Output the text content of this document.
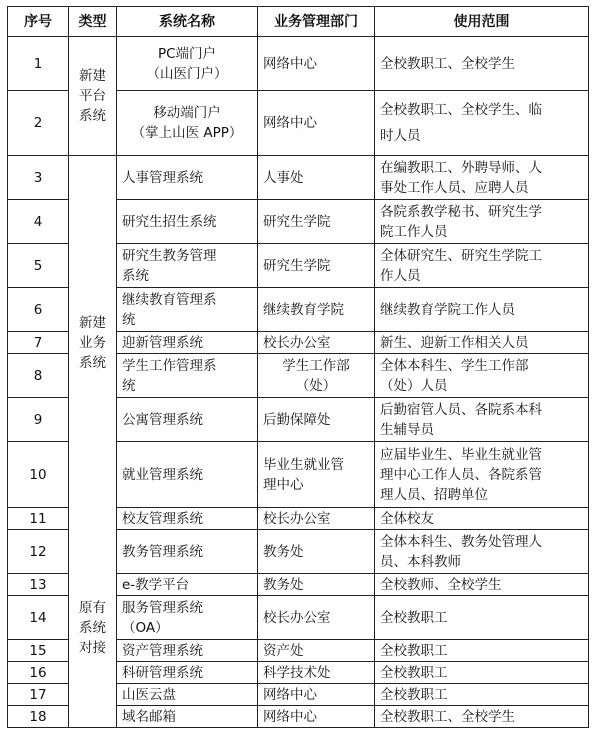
序号	类型	系统名称	业务管理部门	使用范围
1	新建
平台
系统	PC端门户
（山医门户）	网络中心	全校教职工、全校学生

2		移动端门户
（掌上山医 APP）	网络中心	全校教职工、全校学生、临
时人员

3	新建
业务
系统	人事管理系统	人事处	在编教职工、外聘导师、人
事处工作人员、应聘人员

4		研究生招生系统	研究生学院	各院系教学秘书、研究生学
院工作人员

5		研究生教务管理
系统	研究生学院	全体研究生、研究生学院工
作人员

6		继续教育管理系
统	继续教育学院	继续教育学院工作人员

7		迎新管理系统	校长办公室	新生、迎新工作相关人员

8		学生工作管理系
统	学生工作部
（处）	全体本科生、学生工作部
（处）人员

9		公寓管理系统	后勤保障处	后勤宿管人员、各院系本科
生辅导员

10		就业管理系统	毕业生就业管
理中心	应届毕业生、毕业生就业管
理中心工作人员、各院系管
理人员、招聘单位

11		校友管理系统	校长办公室	全体校友

12	原有
系统
对接	教务管理系统	教务处	全体本科生、教务处管理人
员、本科教师

13		e-教学平台	教务处	全校教师、全校学生

14		服务管理系统
（OA）	校长办公室	全校教职工

15		资产管理系统	资产处	全校教职工

16		科研管理系统	科学技术处	全校教职工

17		山医云盘	网络中心	全校教职工

18		域名邮箱	网络中心	全校教职工、全校学生
